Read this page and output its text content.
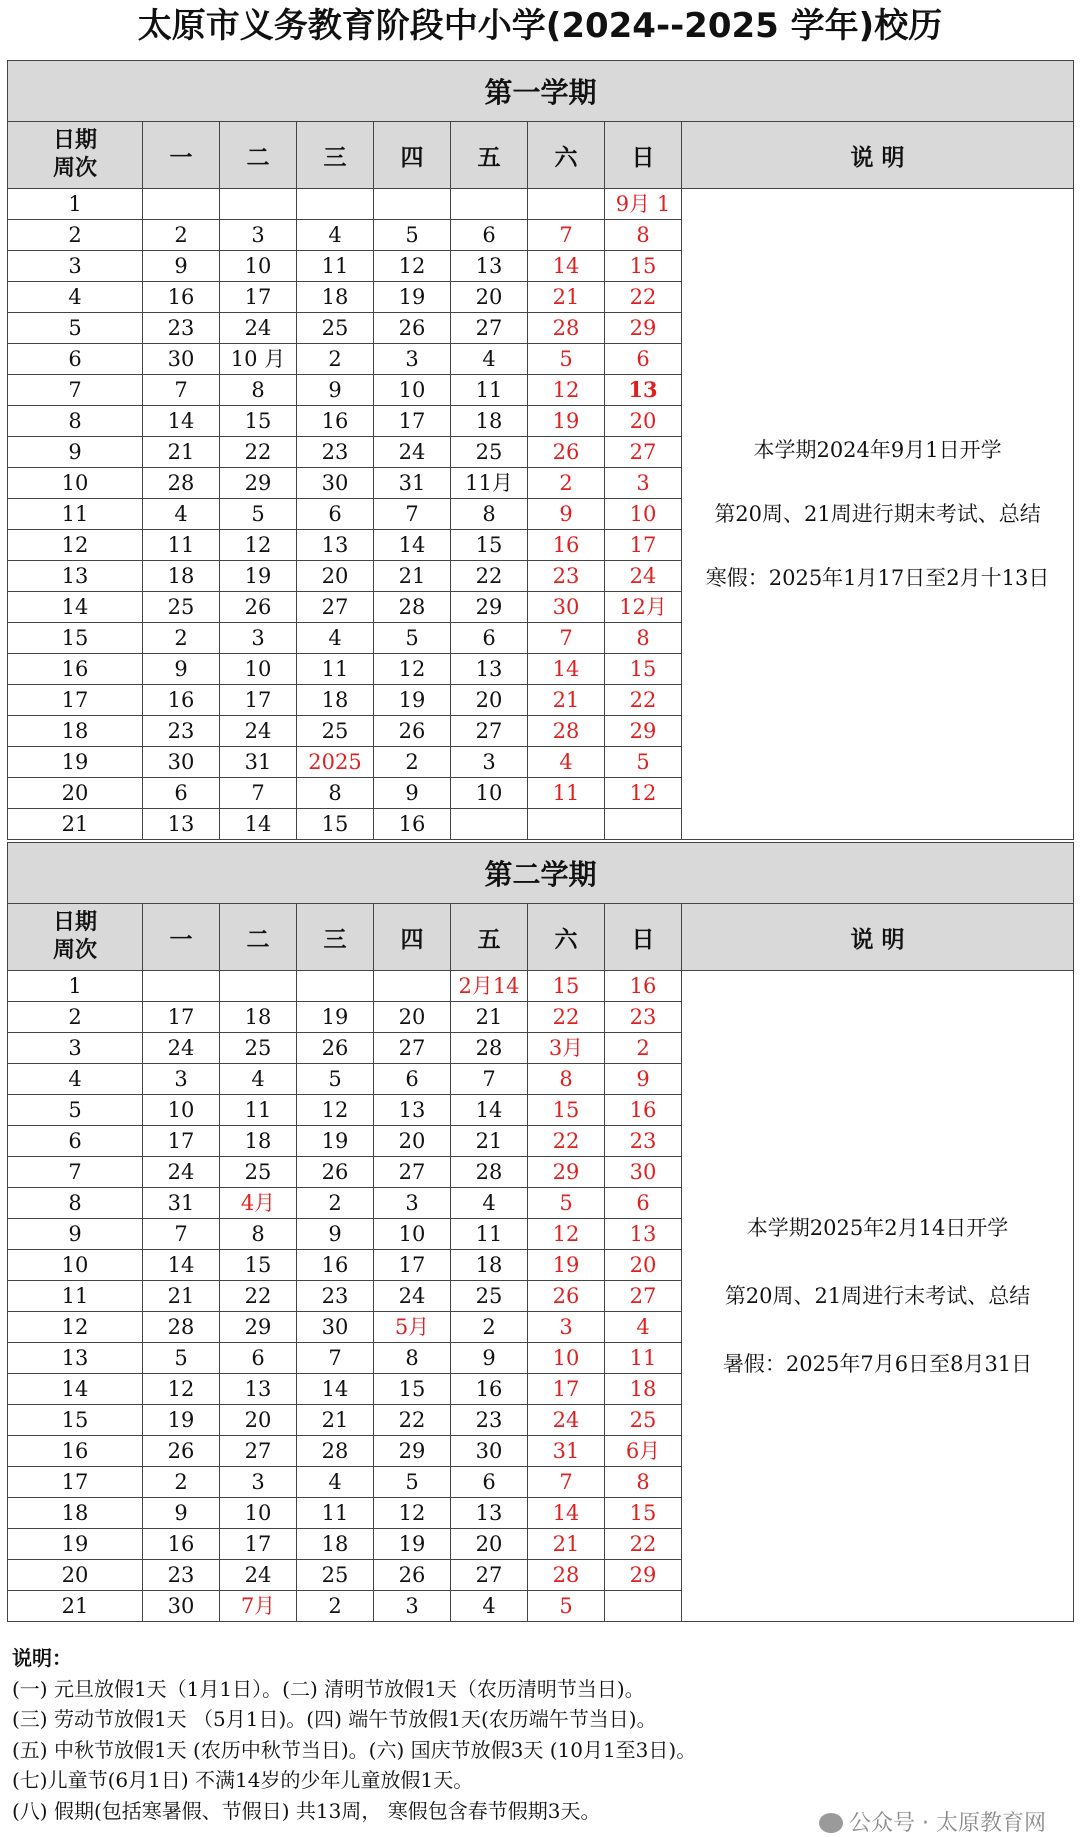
太原市义务教育阶段中小学(2024--2025 学年)校历
第一学期								
日期
周次	一	二	三	四	五	六	日	说 明
1							9月 1	本学期2024年9月1日开学
第20周、21周进行期末考试、总结
寒假：2025年1月17日至2月十13日

2	2	3	4	5	6	7	8	
3	9	10	11	12	13	14	15	
4	16	17	18	19	20	21	22	
5	23	24	25	26	27	28	29	
6	30	10 月	2	3	4	5	6	
7	7	8	9	10	11	12	13	
8	14	15	16	17	18	19	20	
9	21	22	23	24	25	26	27	
10	28	29	30	31	11月	2	3	
11	4	5	6	7	8	9	10	
12	11	12	13	14	15	16	17	
13	18	19	20	21	22	23	24	
14	25	26	27	28	29	30	12月	
15	2	3	4	5	6	7	8	
16	9	10	11	12	13	14	15	
17	16	17	18	19	20	21	22	
18	23	24	25	26	27	28	29	
19	30	31	2025	2	3	4	5	
20	6	7	8	9	10	11	12	
21	13	14	15	16				
第二学期								
日期
周次	一	二	三	四	五	六	日	说 明
1					2月14	15	16	本学期2025年2月14日开学
第20周、21周进行末考试、总结
暑假：2025年7月6日至8月31日

2	17	18	19	20	21	22	23	
3	24	25	26	27	28	3月	2	
4	3	4	5	6	7	8	9	
5	10	11	12	13	14	15	16	
6	17	18	19	20	21	22	23	
7	24	25	26	27	28	29	30	
8	31	4月	2	3	4	5	6	
9	7	8	9	10	11	12	13	
10	14	15	16	17	18	19	20	
11	21	22	23	24	25	26	27	
12	28	29	30	5月	2	3	4	
13	5	6	7	8	9	10	11	
14	12	13	14	15	16	17	18	
15	19	20	21	22	23	24	25	
16	26	27	28	29	30	31	6月	
17	2	3	4	5	6	7	8	
18	9	10	11	12	13	14	15	
19	16	17	18	19	20	21	22	
20	23	24	25	26	27	28	29	
21	30	7月	2	3	4	5		
说明：
(一) 元旦放假1天（1月1日）。(二) 清明节放假1天（农历清明节当日)。
(三) 劳动节放假1天 （5月1日)。(四) 端午节放假1天(农历端午节当日)。
(五) 中秋节放假1天 (农历中秋节当日)。(六) 国庆节放假3天 (10月1至3日)。
(七)儿童节(6月1日) 不满14岁的少年儿童放假1天。
(八) 假期(包括寒暑假、节假日) 共13周， 寒假包含春节假期3天。
公众号 · 太原教育网
